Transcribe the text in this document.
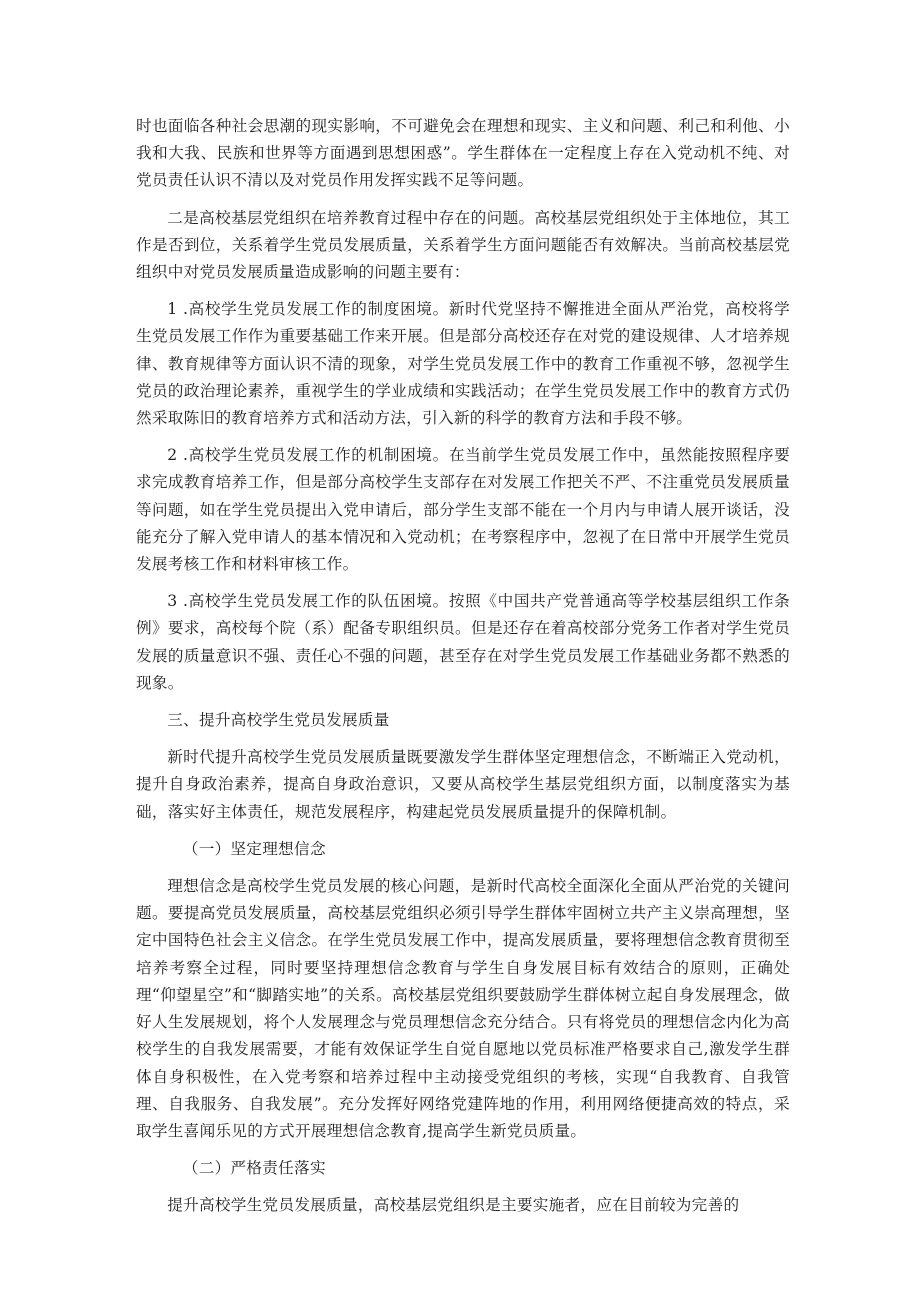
时也面临各种社会思潮的现实影响，不可避免会在理想和现实、主义和问题、利己和利他、小我和大我、民族和世界等方面遇到思想困惑”。学生群体在一定程度上存在入党动机不纯、对党员责任认识不清以及对党员作用发挥实践不足等问题。

二是高校基层党组织在培养教育过程中存在的问题。高校基层党组织处于主体地位，其工作是否到位，关系着学生党员发展质量，关系着学生方面问题能否有效解决。当前高校基层党组织中对党员发展质量造成影响的问题主要有：

1 .高校学生党员发展工作的制度困境。新时代党坚持不懈推进全面从严治党，高校将学生党员发展工作作为重要基础工作来开展。但是部分高校还存在对党的建设规律、人才培养规律、教育规律等方面认识不清的现象，对学生党员发展工作中的教育工作重视不够，忽视学生党员的政治理论素养，重视学生的学业成绩和实践活动；在学生党员发展工作中的教育方式仍然采取陈旧的教育培养方式和活动方法，引入新的科学的教育方法和手段不够。

2 .高校学生党员发展工作的机制困境。在当前学生党员发展工作中，虽然能按照程序要求完成教育培养工作，但是部分高校学生支部存在对发展工作把关不严、不注重党员发展质量等问题，如在学生党员提出入党申请后，部分学生支部不能在一个月内与申请人展开谈话，没能充分了解入党申请人的基本情况和入党动机；在考察程序中，忽视了在日常中开展学生党员发展考核工作和材料审核工作。

3 .高校学生党员发展工作的队伍困境。按照《中国共产党普通高等学校基层组织工作条例》要求，高校每个院（系）配备专职组织员。但是还存在着高校部分党务工作者对学生党员发展的质量意识不强、责任心不强的问题，甚至存在对学生党员发展工作基础业务都不熟悉的现象。

三、提升高校学生党员发展质量

新时代提升高校学生党员发展质量既要激发学生群体坚定理想信念，不断端正入党动机，提升自身政治素养，提高自身政治意识，又要从高校学生基层党组织方面，以制度落实为基础，落实好主体责任，规范发展程序，构建起党员发展质量提升的保障机制。

（一）坚定理想信念

理想信念是高校学生党员发展的核心问题，是新时代高校全面深化全面从严治党的关键问题。要提高党员发展质量，高校基层党组织必须引导学生群体牢固树立共产主义崇高理想，坚定中国特色社会主义信念。在学生党员发展工作中，提高发展质量，要将理想信念教育贯彻至培养考察全过程，同时要坚持理想信念教育与学生自身发展目标有效结合的原则，正确处理“仰望星空”和“脚踏实地”的关系。高校基层党组织要鼓励学生群体树立起自身发展理念，做好人生发展规划，将个人发展理念与党员理想信念充分结合。只有将党员的理想信念内化为高校学生的自我发展需要，才能有效保证学生自觉自愿地以党员标准严格要求自己,激发学生群体自身积极性，在入党考察和培养过程中主动接受党组织的考核，实现“自我教育、自我管理、自我服务、自我发展”。充分发挥好网络党建阵地的作用，利用网络便捷高效的特点，采取学生喜闻乐见的方式开展理想信念教育,提高学生新党员质量。

（二）严格责任落实

提升高校学生党员发展质量，高校基层党组织是主要实施者，应在目前较为完善的
